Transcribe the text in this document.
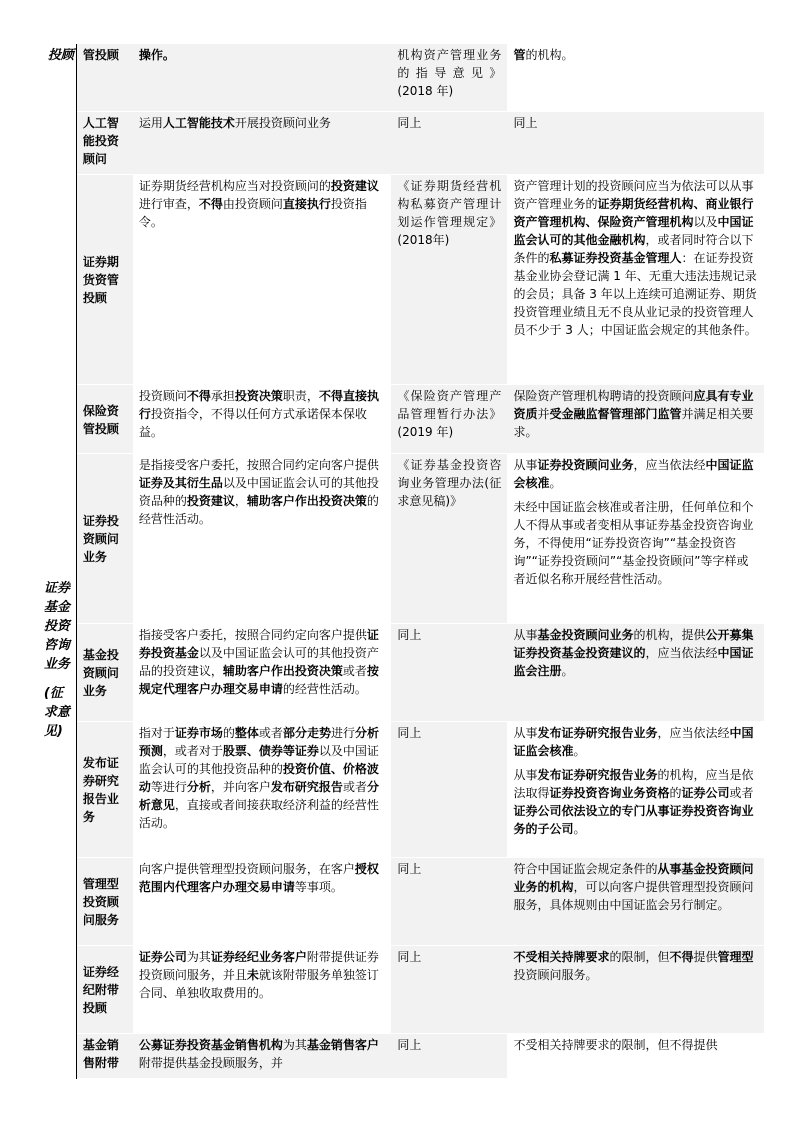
投顾	管投顾	操作。	机构资产管理业务的指导意见》(2018 年)	管的机构。

证券基金投资咨询业务
(征求意见)	人工智能投资顾问	运用人工智能技术开展投资顾问业务	同上	同上

	证券期货资管投顾	证券期货经营机构应当对投资顾问的投资建议进行审查，不得由投资顾问直接执行投资指令。	《证券期货经营机构私募资产管理计划运作管理规定》(2018年)	资产管理计划的投资顾问应当为依法可以从事资产管理业务的证券期货经营机构、商业银行资产管理机构、保险资产管理机构以及中国证监会认可的其他金融机构，或者同时符合以下条件的私募证券投资基金管理人：在证券投资基金业协会登记满 1 年、无重大违法违规记录的会员；具备 3 年以上连续可追溯证券、期货投资管理业绩且无不良从业记录的投资管理人员不少于 3 人；中国证监会规定的其他条件。

	保险资管投顾	投资顾问不得承担投资决策职责，不得直接执行投资指令，不得以任何方式承诺保本保收益。	《保险资产管理产品管理暂行办法》(2019 年)	保险资产管理机构聘请的投资顾问应具有专业资质并受金融监督管理部门监管并满足相关要求。

	证券投资顾问业务	是指接受客户委托，按照合同约定向客户提供证券及其衍生品以及中国证监会认可的其他投资品种的投资建议，辅助客户作出投资决策的经营性活动。	《证券基金投资咨询业务管理办法(征求意见稿)》	从事证券投资顾问业务，应当依法经中国证监会核准。
未经中国证监会核准或者注册，任何单位和个人不得从事或者变相从事证券基金投资咨询业务，不得使用“证券投资咨询”“基金投资咨询”“证券投资顾问”“基金投资顾问”等字样或者近似名称开展经营性活动。

	基金投资顾问业务	指接受客户委托，按照合同约定向客户提供证券投资基金以及中国证监会认可的其他投资产品的投资建议，辅助客户作出投资决策或者按规定代理客户办理交易申请的经营性活动。	同上	从事基金投资顾问业务的机构，提供公开募集证券投资基金投资建议的，应当依法经中国证监会注册。

	发布证券研究报告业务	指对于证券市场的整体或者部分走势进行分析预测，或者对于股票、债券等证券以及中国证监会认可的其他投资品种的投资价值、价格波动等进行分析，并向客户发布研究报告或者分析意见，直接或者间接获取经济利益的经营性活动。	同上	从事发布证券研究报告业务，应当依法经中国证监会核准。
从事发布证券研究报告业务的机构，应当是依法取得证券投资咨询业务资格的证券公司或者证券公司依法设立的专门从事证券投资咨询业务的子公司。

	管理型投资顾问服务	向客户提供管理型投资顾问服务，在客户授权范围内代理客户办理交易申请等事项。	同上	符合中国证监会规定条件的从事基金投资顾问业务的机构，可以向客户提供管理型投资顾问服务，具体规则由中国证监会另行制定。

	证券经纪附带投顾	证券公司为其证券经纪业务客户附带提供证券投资顾问服务，并且未就该附带服务单独签订合同、单独收取费用的。	同上	不受相关持牌要求的限制，但不得提供管理型投资顾问服务。

	基金销售附带	公募证券投资基金销售机构为其基金销售客户附带提供基金投顾服务，并	同上	不受相关持牌要求的限制，但不得提供
